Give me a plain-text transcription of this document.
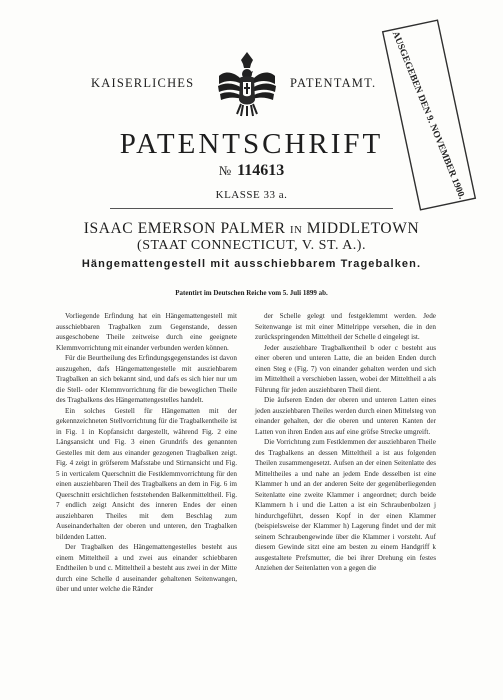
KAISERLICHES	PATENTAMT. AUSGEGEBEN DEN 9. NOVEMBER 1900.
PATENTSCHRIFT
№ 114613
KLASSE 33 a.
ISAAC EMERSON PALMER IN MIDDLETOWN
(STAAT CONNECTICUT, V. ST. A.).
Hängemattengestell mit ausschiebbarem Tragebalken.
Patentirt im Deutschen Reiche vom 5. Juli 1899 ab.

Vorliegende Erfindung hat ein Hängemattengestell mit ausschiebbaren Tragbalken zum Gegenstande, dessen ausgeschobene Theile zeitweise durch eine geeignete Klemmvorrichtung mit einander verbunden werden können.

Für die Beurtheilung des Erfindungsgegenstandes ist davon auszugehen, dafs Hängemattengestelle mit ausziehbarem Tragbalken an sich bekannt sind, und dafs es sich hier nur um die Stell- oder Klemmvorrichtung für die beweglichen Theile des Tragbalkens des Hängemattengestelles handelt.

Ein solches Gestell für Hängematten mit der gekennzeichneten Stellvorrichtung für die Tragbalkentheile ist in Fig. 1 in Kopfansicht dargestellt, während Fig. 2 eine Längsansicht und Fig. 3 einen Grundrifs des genannten Gestelles mit dem aus einander gezogenen Tragbalken zeigt. Fig. 4 zeigt in gröfserem Mafsstabe und Stirnansicht und Fig. 5 in verticalem Querschnitt die Festklemmvorrichtung für den einen ausziehbaren Theil des Tragbalkens an dem in Fig. 6 im Querschnitt ersichtlichen feststehenden Balkenmitteltheil. Fig. 7 endlich zeigt Ansicht des inneren Endes der einen ausziehbaren Theiles mit dem Beschlag zum Auseinanderhalten der oberen und unteren, den Tragbalken bildenden Latten.

Der Tragbalken des Hängemattengestelles besteht aus einem Mitteltheil a und zwei aus einander schiebbaren Endtheilen b und c. Mitteltheil a besteht aus zwei in der Mitte durch eine Schelle d auseinander gehaltenen Seitenwangen, über und unter welche die Ränder

der Schelle gelegt und festgeklemmt werden. Jede Seitenwange ist mit einer Mittelrippe versehen, die in den zurückspringenden Mitteltheil der Schelle d eingelegt ist.

Jeder ausziehbare Tragbalkentheil b oder c besteht aus einer oberen und unteren Latte, die an beiden Enden durch einen Steg e (Fig. 7) von einander gehalten werden und sich im Mitteltheil a verschieben lassen, wobei der Mitteltheil a als Führung für jeden ausziehbaren Theil dient.

Die äufseren Enden der oberen und unteren Latten eines jeden ausziehbaren Theiles werden durch einen Mittelsteg von einander gehalten, der die oberen und unteren Kanten der Latten von ihren Enden aus auf eine gröfse Strecke umgreift.

Die Vorrichtung zum Festklemmen der ausziehbaren Theile des Tragbalkens an dessen Mitteltheil a ist aus folgenden Theilen zusammengesetzt. Aufsen an der einen Seitenlatte des Mitteltheiles a und nahe an jedem Ende desselben ist eine Klammer h und an der anderen Seite der gegenüberliegenden Seitenlatte eine zweite Klammer i angeordnet; durch beide Klammern h i und die Latten a ist ein Schraubenbolzen j hindurchgeführt, dessen Kopf in der einen Klammer (beispielsweise der Klammer h) Lagerung findet und der mit seinem Schraubengewinde über die Klammer i vorsteht. Auf diesem Gewinde sitzt eine am besten zu einem Handgriff k ausgestaltete Prefsmutter, die bei ihrer Drehung ein festes Anziehen der Seitenlatten von a gegen die
